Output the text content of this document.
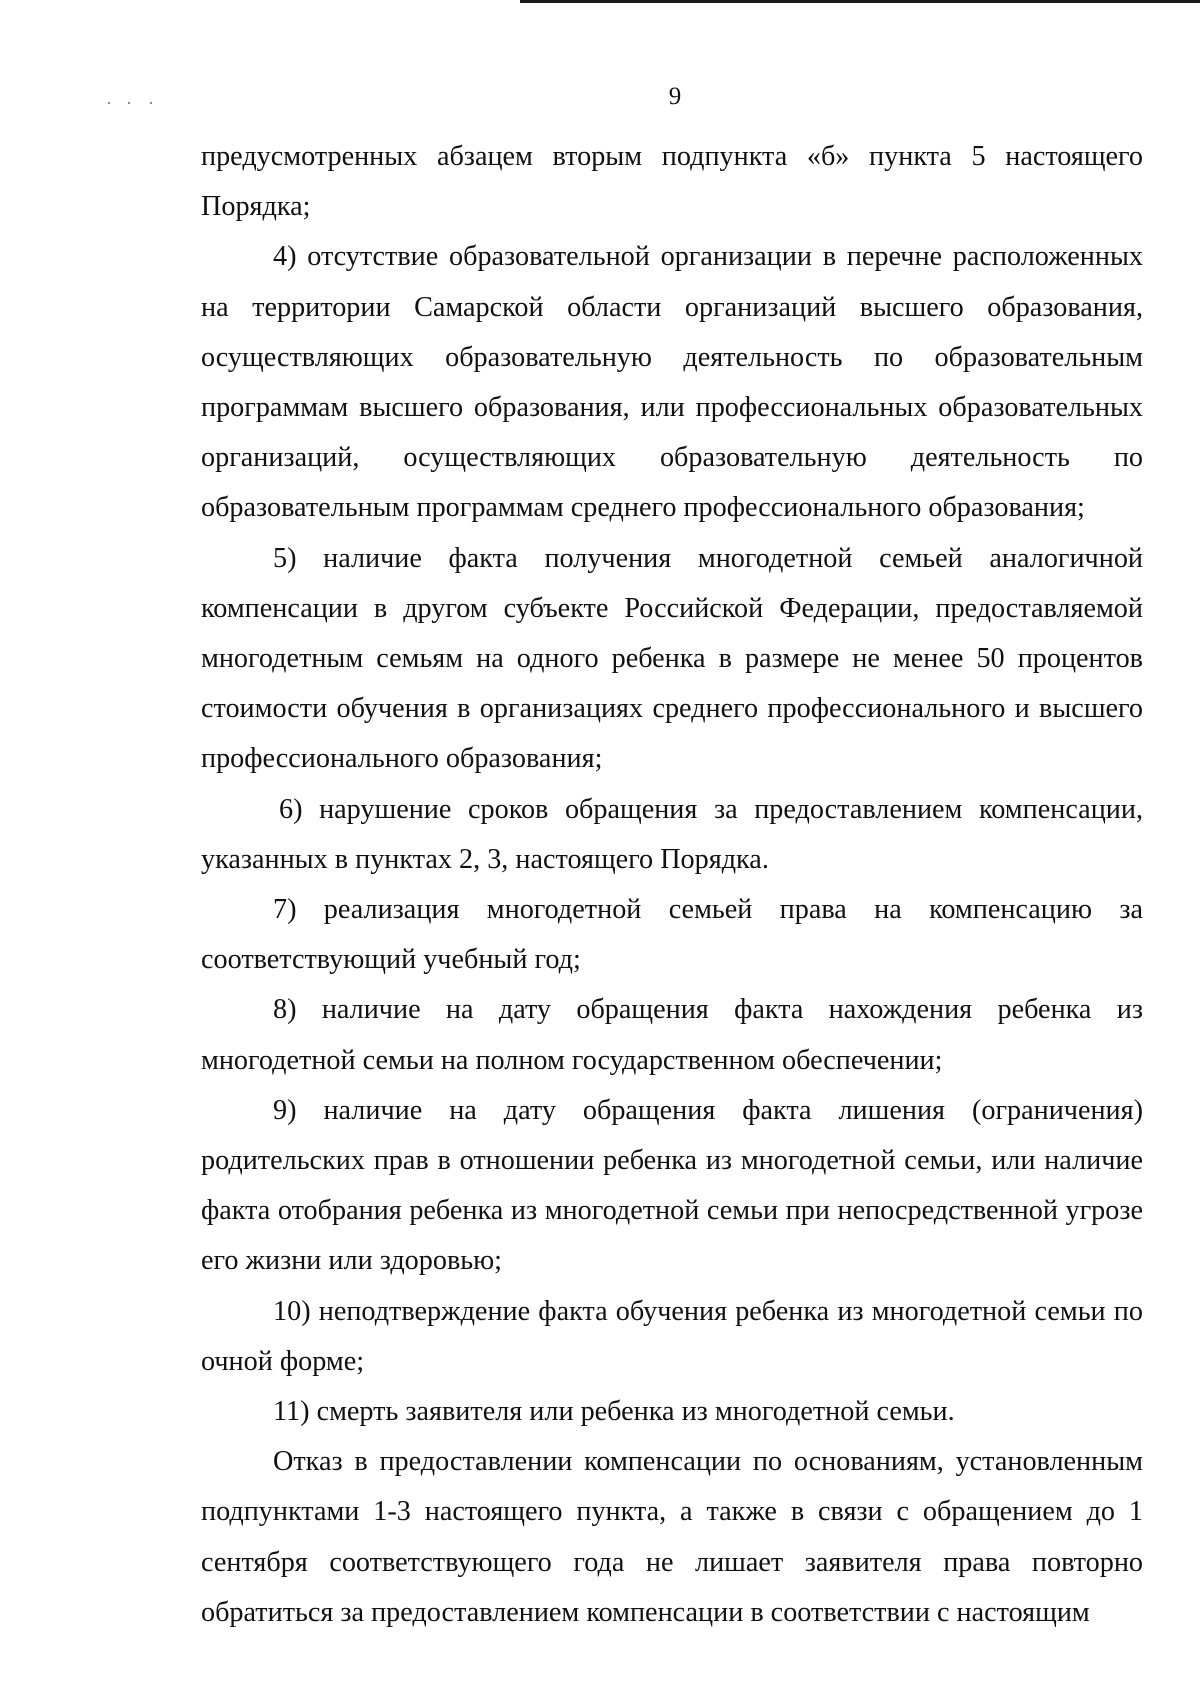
9

предусмотренных абзацем вторым подпункта «б» пункта 5 настоящего Порядка;

4) отсутствие образовательной организации в перечне расположенных на территории Самарской области организаций высшего образования, осуществляющих образовательную деятельность по образовательным программам высшего образования, или профессиональных образовательных организаций, осуществляющих образовательную деятельность по образовательным программам среднего профессионального образования;

5) наличие факта получения многодетной семьей аналогичной компенсации в другом субъекте Российской Федерации, предоставляемой многодетным семьям на одного ребенка в размере не менее 50 процентов стоимости обучения в организациях среднего профессионального и высшего профессионального образования;

6) нарушение сроков обращения за предоставлением компенсации, указанных в пунктах 2, 3, настоящего Порядка.

7) реализация многодетной семьей права на компенсацию за соответствующий учебный год;

8) наличие на дату обращения факта нахождения ребенка из многодетной семьи на полном государственном обеспечении;

9) наличие на дату обращения факта лишения (ограничения) родительских прав в отношении ребенка из многодетной семьи, или наличие факта отобрания ребенка из многодетной семьи при непосредственной угрозе его жизни или здоровью;

10) неподтверждение факта обучения ребенка из многодетной семьи по очной форме;

11) смерть заявителя или ребенка из многодетной семьи.

Отказ в предоставлении компенсации по основаниям, установленным подпунктами 1-3 настоящего пункта, а также в связи с обращением до 1 сентября соответствующего года не лишает заявителя права повторно обратиться за предоставлением компенсации в соответствии с настоящим
